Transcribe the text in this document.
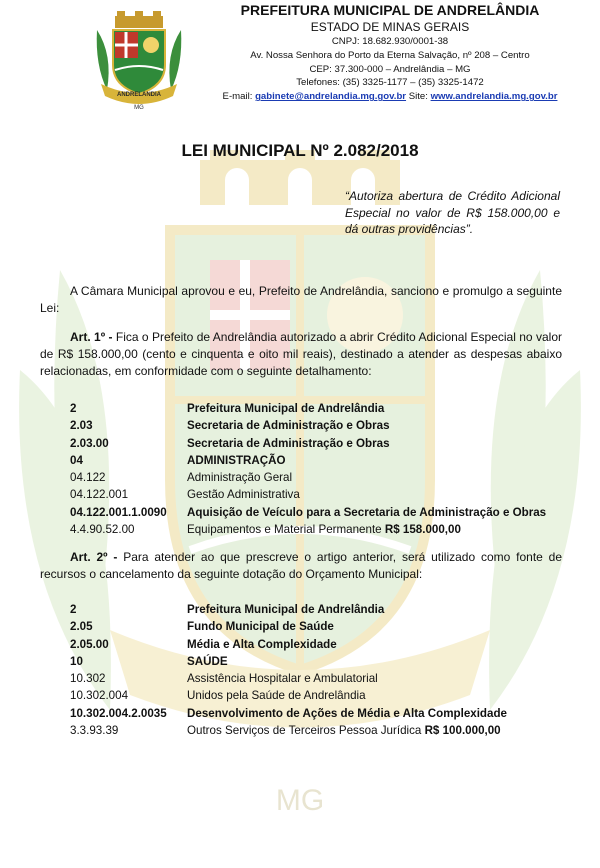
MG
ANDRELANDIA
MG
PREFEITURA MUNICIPAL DE ANDRELÂNDIA
ESTADO DE MINAS GERAIS
CNPJ: 18.682.930/0001-38
Av. Nossa Senhora do Porto da Eterna Salvação, nº 208 – Centro
CEP: 37.300-000 – Andrelândia – MG
Telefones: (35) 3325-1177 – (35) 3325-1472
E-mail: gabinete@andrelandia.mg.gov.br Site: www.andrelandia.mg.gov.br
LEI MUNICIPAL Nº 2.082/2018
“Autoriza abertura de Crédito Adicional Especial no valor de R$ 158.000,00 e dá outras providências”.
A Câmara Municipal aprovou e eu, Prefeito de Andrelândia, sanciono e promulgo a seguinte Lei:
Art. 1º - Fica o Prefeito de Andrelândia autorizado a abrir Crédito Adicional Especial no valor de R$ 158.000,00 (cento e cinquenta e oito mil reais), destinado a atender as despesas abaixo relacionadas, em conformidade com o seguinte detalhamento:
2	Prefeitura Municipal de Andrelândia
2.03	Secretaria de Administração e Obras
2.03.00	Secretaria de Administração e Obras
04	ADMINISTRAÇÃO
04.122	Administração Geral
04.122.001	Gestão Administrativa
04.122.001.1.0090 Aquisição de Veículo para a Secretaria de Administração e Obras
4.4.90.52.00	Equipamentos e Material Permanente R$ 158.000,00
Art. 2º - Para atender ao que prescreve o artigo anterior, será utilizado como fonte de recursos o cancelamento da seguinte dotação do Orçamento Municipal:
2	Prefeitura Municipal de Andrelândia
2.05	Fundo Municipal de Saúde
2.05.00	Média e Alta Complexidade
10	SAÚDE
10.302	Assistência Hospitalar e Ambulatorial
10.302.004	Unidos pela Saúde de Andrelândia
10.302.004.2.0035 Desenvolvimento de Ações de Média e Alta Complexidade
3.3.93.39	Outros Serviços de Terceiros Pessoa Jurídica R$ 100.000,00
